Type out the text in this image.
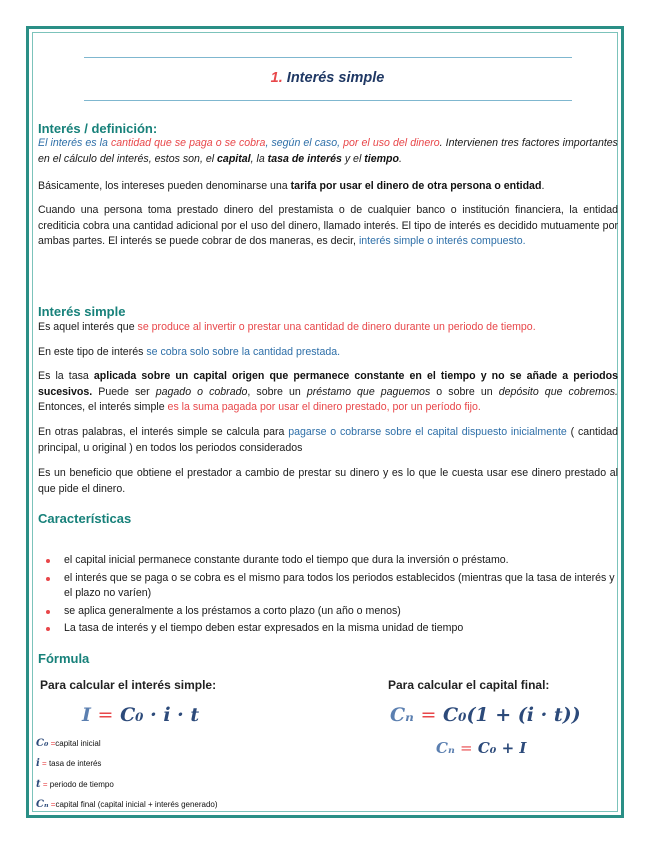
1. Interés simple
Interés / definición:
El interés es la cantidad que se paga o se cobra, según el caso, por el uso del dinero. Intervienen tres factores importantes en el cálculo del interés, estos son, el capital, la tasa de interés y el tiempo.
Básicamente, los intereses pueden denominarse una tarifa por usar el dinero de otra persona o entidad.
Cuando una persona toma prestado dinero del prestamista o de cualquier banco o institución financiera, la entidad crediticia cobra una cantidad adicional por el uso del dinero, llamado interés. El tipo de interés es decidido mutuamente por ambas partes. El interés se puede cobrar de dos maneras, es decir, interés simple o interés compuesto.
Interés simple
Es aquel interés que se produce al invertir o prestar una cantidad de dinero durante un periodo de tiempo.
En este tipo de interés se cobra solo sobre la cantidad prestada.
Es la tasa aplicada sobre un capital origen que permanece constante en el tiempo y no se añade a periodos sucesivos. Puede ser pagado o cobrado, sobre un préstamo que paguemos o sobre un depósito que cobremos. Entonces, el interés simple es la suma pagada por usar el dinero prestado, por un período fijo.
En otras palabras, el interés simple se calcula para pagarse o cobrarse sobre el capital dispuesto inicialmente ( cantidad principal, u original ) en todos los periodos considerados
Es un beneficio que obtiene el prestador a cambio de prestar su dinero y es lo que le cuesta usar ese dinero prestado al que pide el dinero.
Características
el capital inicial permanece constante durante todo el tiempo que dura la inversión o préstamo.
el interés que se paga o se cobra es el mismo para todos los periodos establecidos (mientras que la tasa de interés y el plazo no varíen)
se aplica generalmente a los préstamos a corto plazo (un año o menos)
La tasa de interés y el tiempo deben estar expresados en la misma unidad de tiempo
Fórmula
Para calcular el interés simple:	Para calcular el capital final:
I = C₀ · i · t	Cₙ = C₀(1 + (i · t))
Cₙ = C₀ + I
C₀ =capital inicial
i = tasa de interés
t = periodo de tiempo
Cₙ =capital final (capital inicial + interés generado)
